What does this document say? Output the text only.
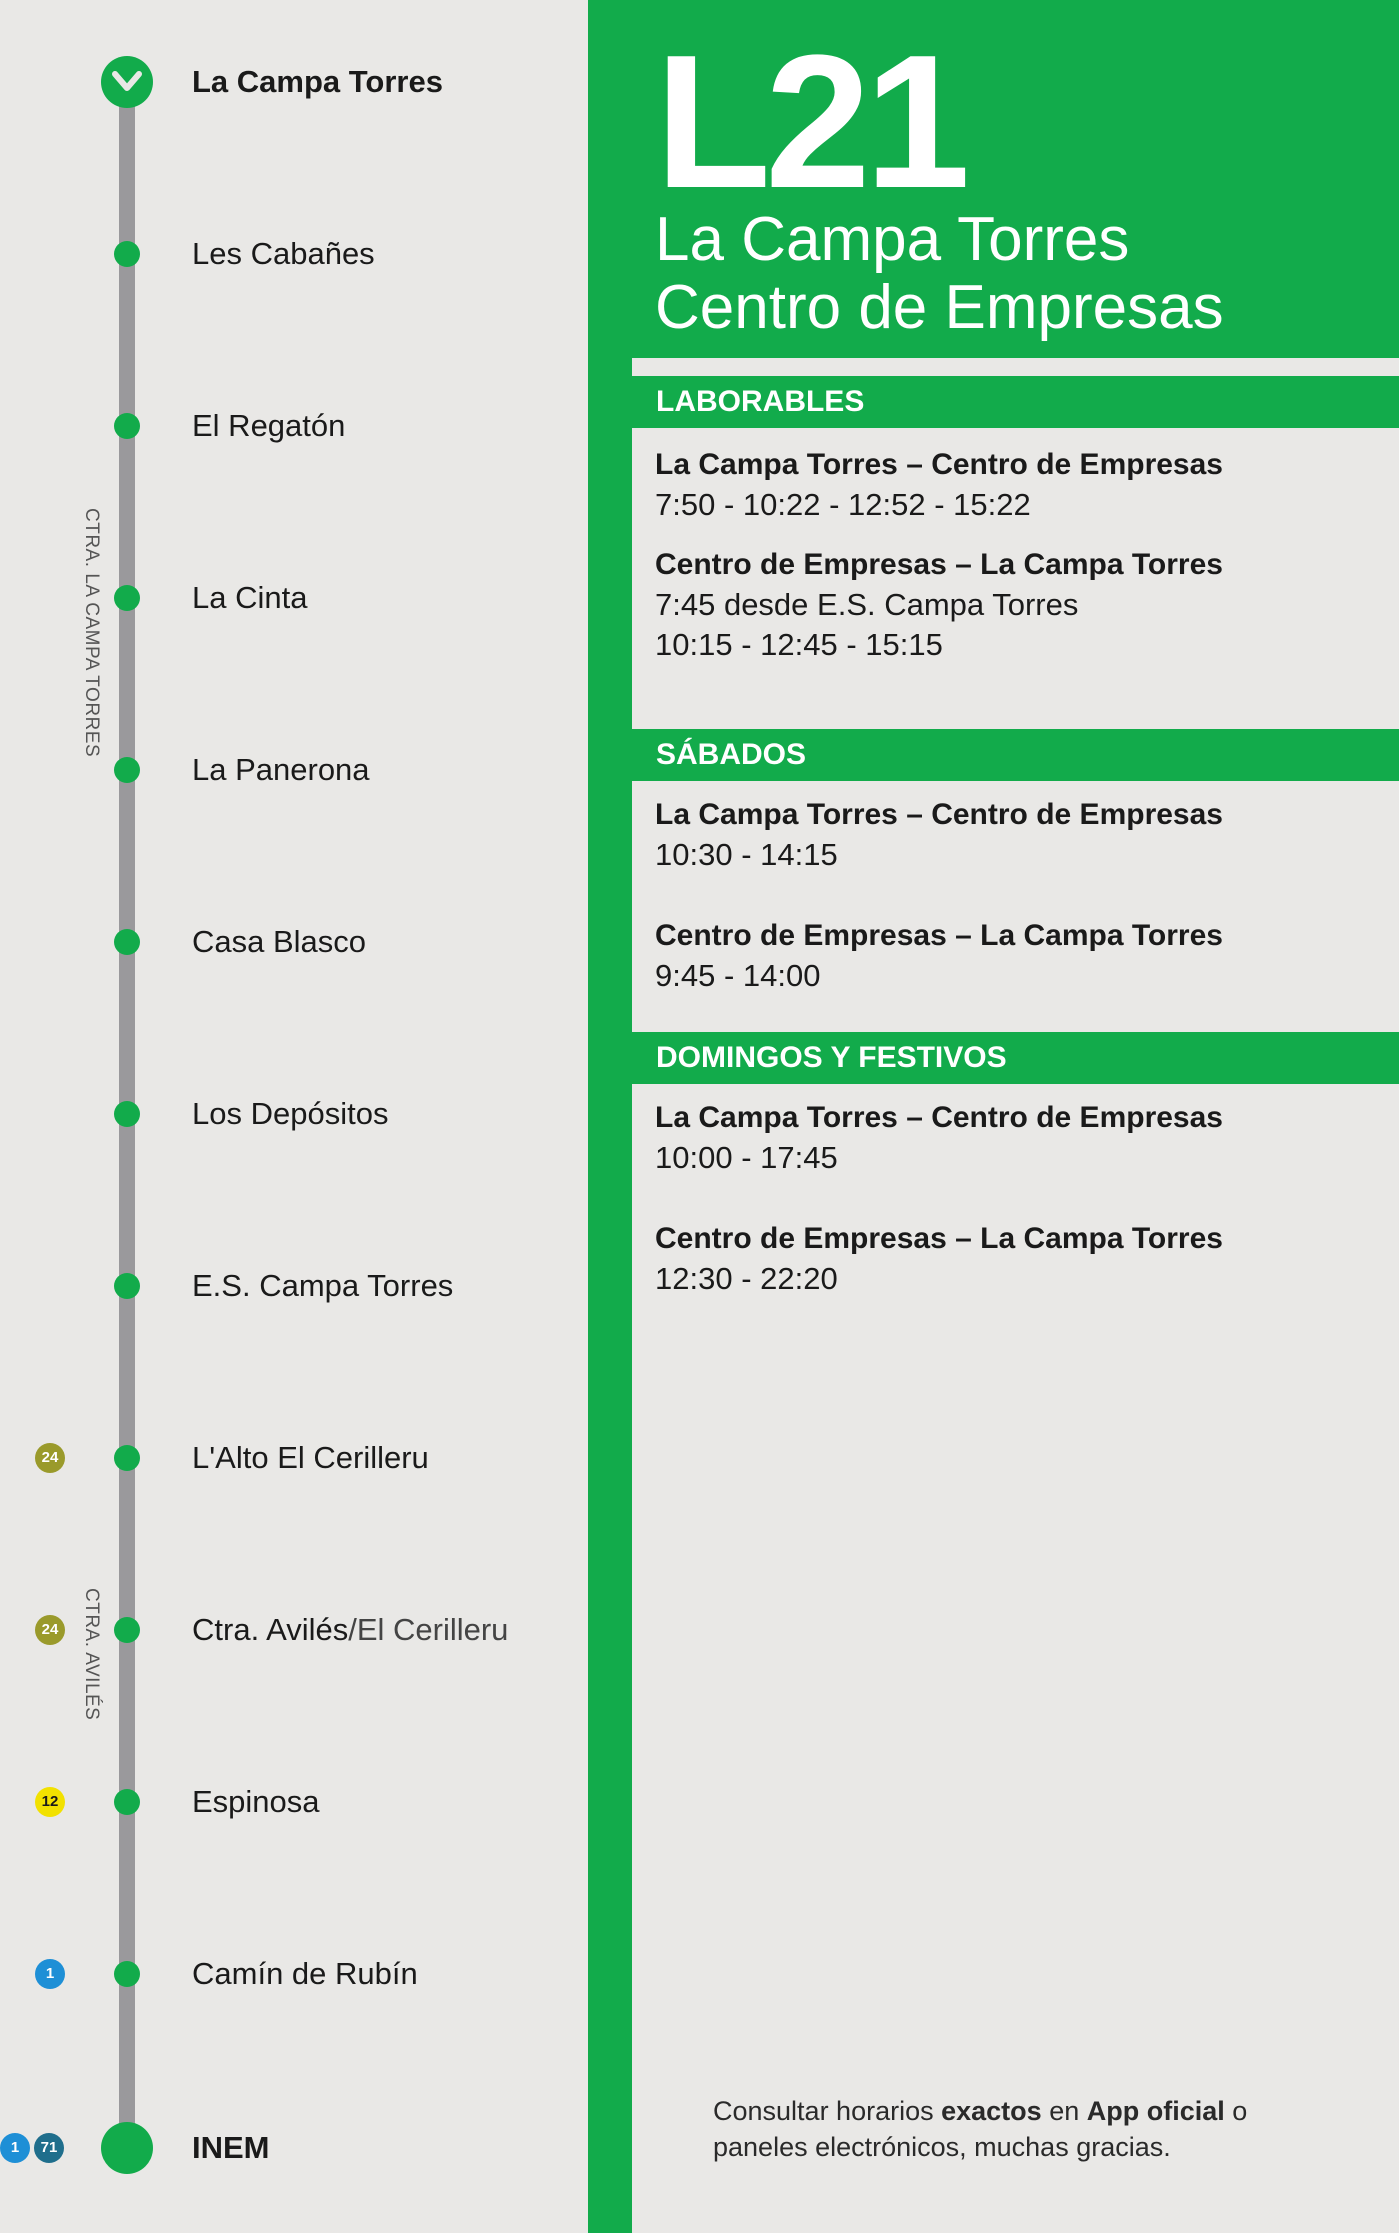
CTRA. LA CAMPA TORRES
CTRA. AVILÉS
La Campa Torres
Les Cabañes
El Regatón
La Cinta
La Panerona
Casa Blasco
Los Depósitos
E.S. Campa Torres
24	L'Alto El Cerilleru
24	Ctra. Avilés/El Cerilleru
12	Espinosa
1	Camín de Rubín
1	71	INEM
L21
La Campa Torres
Centro de Empresas
LABORABLES
La Campa Torres – Centro de Empresas
7:50 - 10:22 - 12:52 - 15:22
Centro de Empresas – La Campa Torres
7:45 desde E.S. Campa Torres
10:15 - 12:45 - 15:15
SÁBADOS
La Campa Torres – Centro de Empresas
10:30 - 14:15
Centro de Empresas – La Campa Torres
9:45 - 14:00
DOMINGOS Y FESTIVOS
La Campa Torres – Centro de Empresas
10:00 - 17:45
Centro de Empresas – La Campa Torres
12:30 - 22:20
Consultar horarios exactos en App oficial o paneles electrónicos, muchas gracias.
